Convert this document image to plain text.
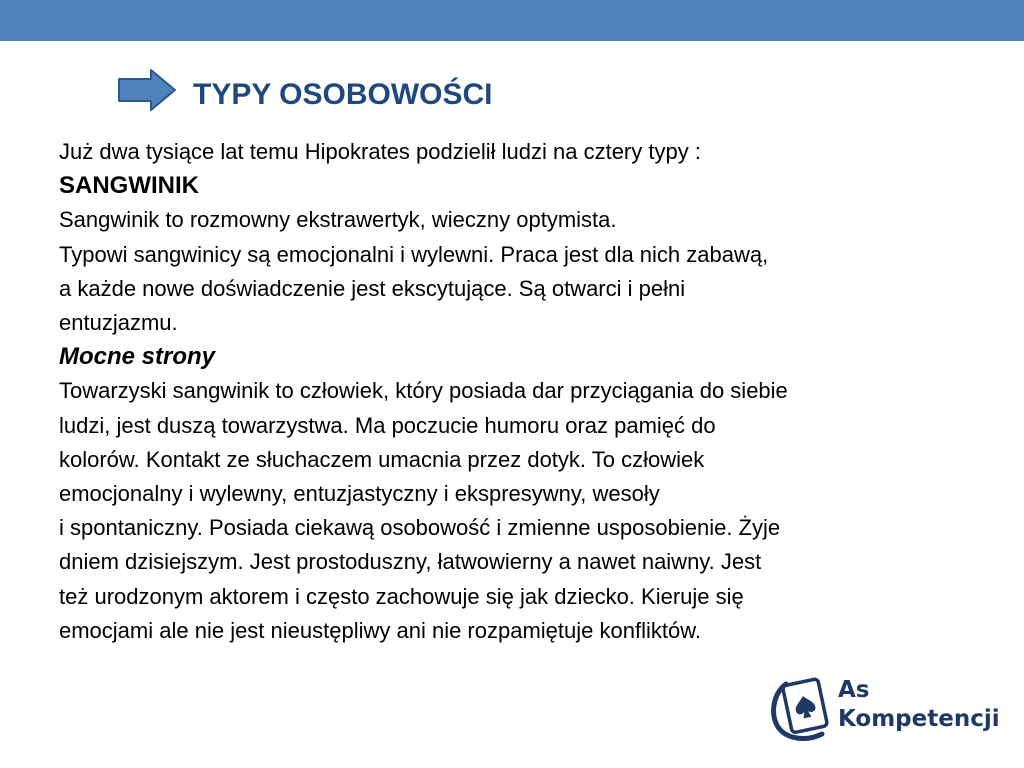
TYPY OSOBOWOŚCI

Już dwa tysiące lat temu Hipokrates podzielił ludzi na cztery typy :

SANGWINIK

Sangwinik to rozmowny ekstrawertyk, wieczny optymista.

Typowi sangwinicy są emocjonalni i wylewni. Praca jest dla nich zabawą,

a każde nowe doświadczenie jest ekscytujące. Są otwarci i pełni

entuzjazmu.

Mocne strony

Towarzyski sangwinik to człowiek, który posiada dar przyciągania do siebie

ludzi, jest duszą towarzystwa. Ma poczucie humoru oraz pamięć do

kolorów. Kontakt ze słuchaczem umacnia przez dotyk. To człowiek

emocjonalny i wylewny, entuzjastyczny i ekspresywny, wesoły

i spontaniczny. Posiada ciekawą osobowość i zmienne usposobienie. Żyje

dniem dzisiejszym. Jest prostoduszny, łatwowierny a nawet naiwny. Jest

też urodzonym aktorem i często zachowuje się jak dziecko. Kieruje się

emocjami ale nie jest nieustępliwy ani nie rozpamiętuje konfliktów.

As
Kompetencji
